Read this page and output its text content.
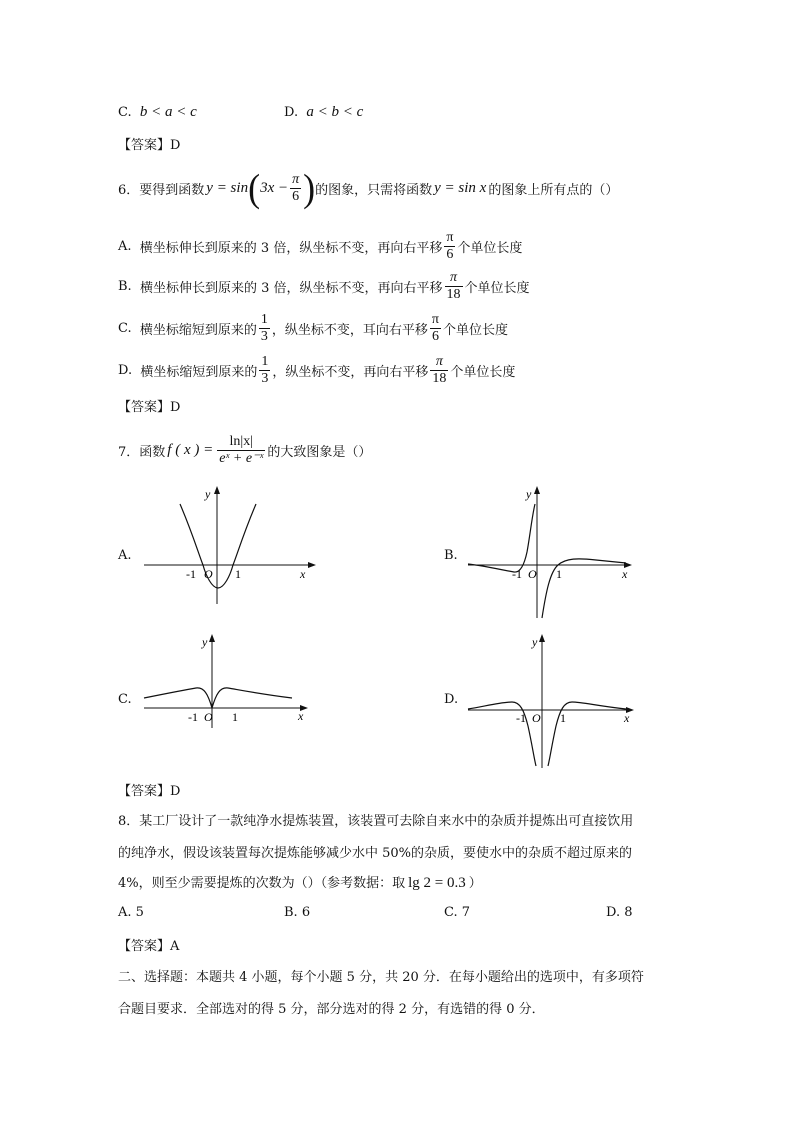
C. b < a < c	D. a < b < c
【答案】D
6．要得到函数 y = sin ( $3x - \frac{\pi}{6}$ ) 的图象，只需将函数 y = sin x 的图象上所有点的（）
A.
横坐标伸长到原来的 3 倍，纵坐标不变，再向右平移 $\frac{\pi}{6}$ 个单位长度
B.
横坐标伸长到原来的 3 倍，纵坐标不变，再向右平移 $\frac{\pi}{18}$ 个单位长度
C.
横坐标缩短到原来的 $\frac{1}{3}$ ，纵坐标不变，耳向右平移 $\frac{\pi}{6}$ 个单位长度
D.
横坐标缩短到原来的 $\frac{1}{3}$ ，纵坐标不变，再向右平移 $\frac{\pi}{18}$ 个单位长度
【答案】D
7．函数 f ( x ) = $\frac{\ln|x|}{\text{eˣ + e⁻ˣ}}$ 的大致图象是（）
A.	B.
C.	D.
y
x
-1 O 1
y
x
-1 O 1
y
x
-1 O 1
y
x
-1 O 1
【答案】D
8．某工厂设计了一款纯净水提炼装置，该装置可去除自来水中的杂质并提炼出可直接饮用
的纯净水，假设该装置每次提炼能够减少水中 50%的杂质，要使水中的杂质不超过原来的
4%，则至少需要提炼的次数为（）（参考数据：取 lg 2 = 0.3 ）
A. 5	B. 6	C. 7	D. 8
【答案】A
二、选择题：本题共 4 小题，每个小题 5 分，共 20 分．在每小题给出的选项中，有多项符
合题目要求．全部选对的得 5 分，部分选对的得 2 分，有选错的得 0 分．
